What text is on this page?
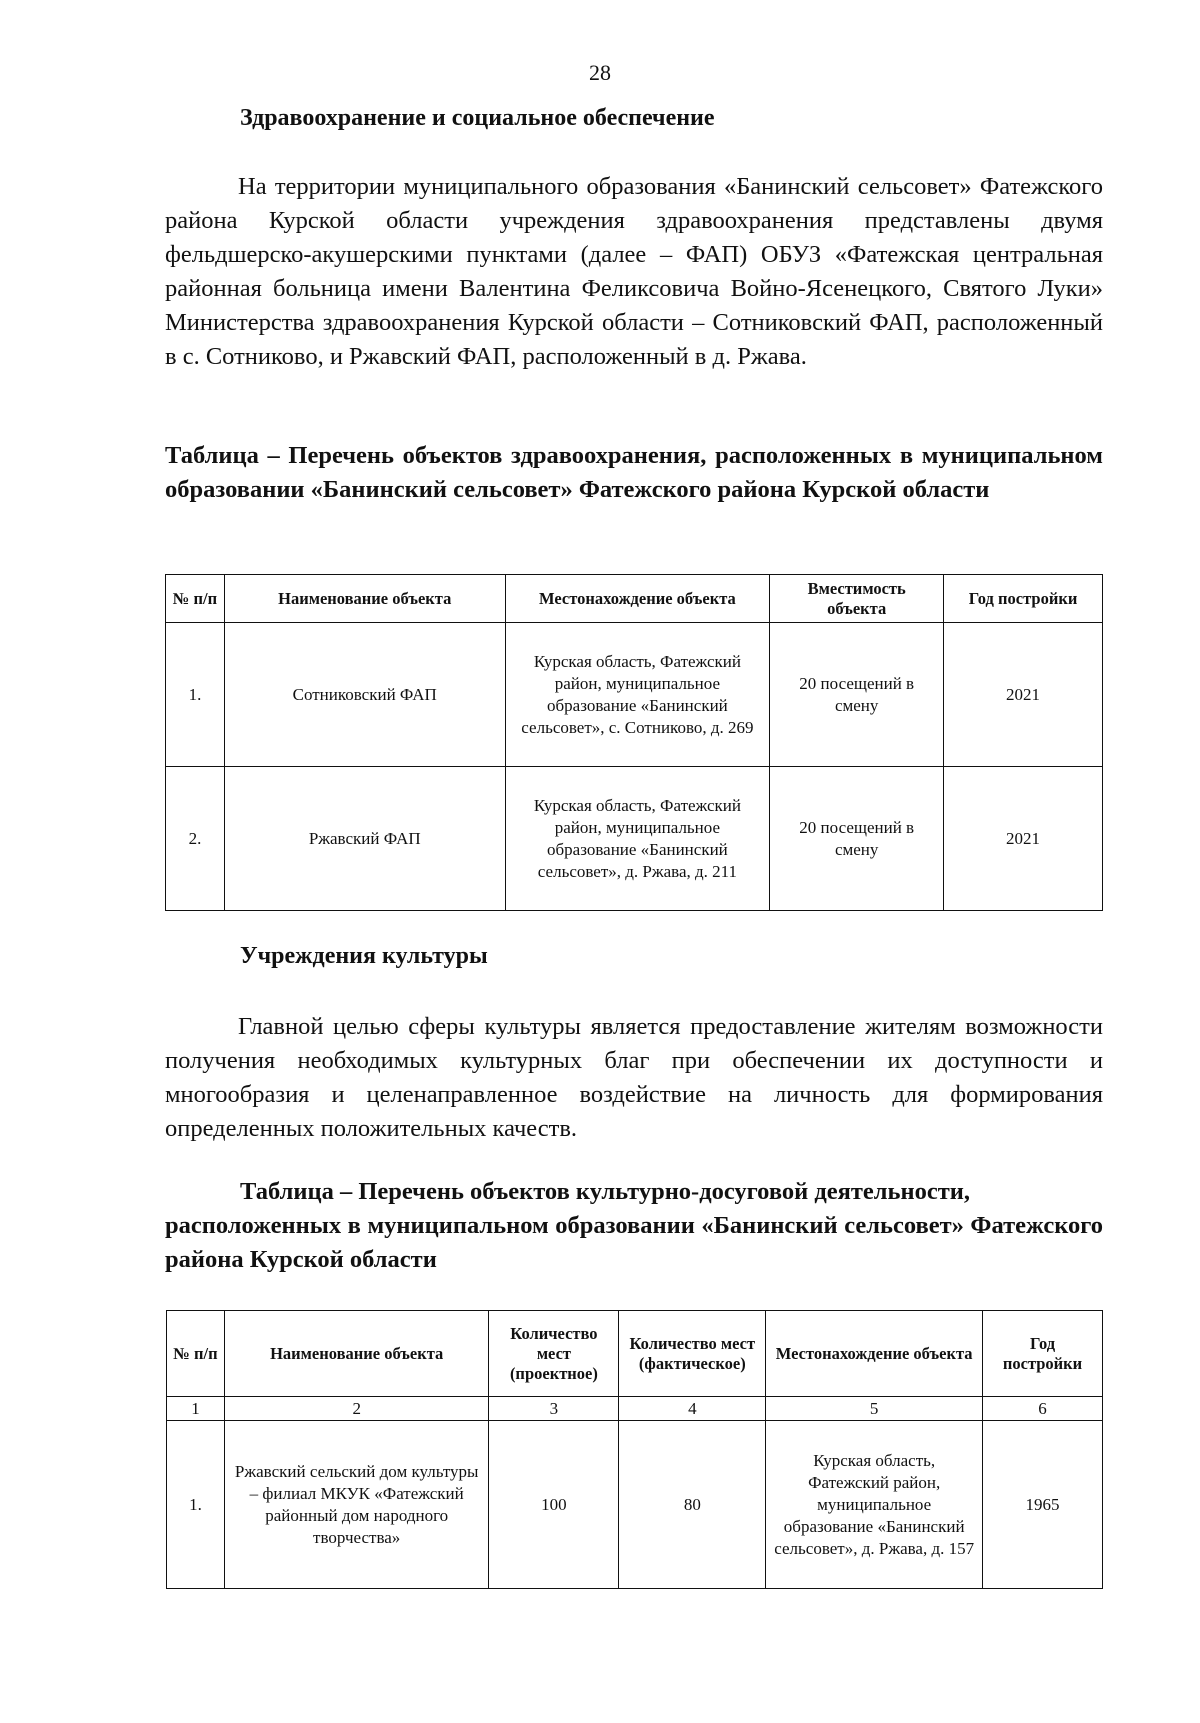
28
Здравоохранение и социальное обеспечение
На территории муниципального образования «Банинский сельсовет» Фатежского района Курской области учреждения здравоохранения представлены двумя фельдшерско-акушерскими пунктами (далее – ФАП) ОБУЗ «Фатежская центральная районная больница имени Валентина Феликсовича Войно-Ясенецкого, Святого Луки» Министерства здравоохранения Курской области – Сотниковский ФАП, расположенный в с. Сотниково, и Ржавский ФАП, расположенный в д. Ржава.
Таблица – Перечень объектов здравоохранения, расположенных в муниципальном образовании «Банинский сельсовет» Фатежского района Курской области
№ п/п	Наименование объекта	Местонахождение объекта	Вместимость объекта	Год постройки
1.	Сотниковский ФАП	Курская область, Фатежский район, муниципальное образование «Банинский сельсовет», с. Сотниково, д. 269	20 посещений в смену	2021
2.	Ржавский ФАП	Курская область, Фатежский район, муниципальное образование «Банинский сельсовет», д. Ржава, д. 211	20 посещений в смену	2021
Учреждения культуры
Главной целью сферы культуры является предоставление жителям возможности получения необходимых культурных благ при обеспечении их доступности и многообразия и целенаправленное воздействие на личность для формирования определенных положительных качеств.
Таблица – Перечень объектов культурно-досуговой деятельности,
расположенных в муниципальном образовании «Банинский сельсовет» Фатежского района Курской области
№ п/п	Наименование объекта	Количество мест (проектное)	Количество мест (фактическое)	Местонахождение объекта	Год постройки
1	2	3	4	5	6
1.	Ржавский сельский дом культуры – филиал МКУК «Фатежский районный дом народного творчества»	100	80	Курская область, Фатежский район, муниципальное образование «Банинский сельсовет», д. Ржава, д. 157	1965
